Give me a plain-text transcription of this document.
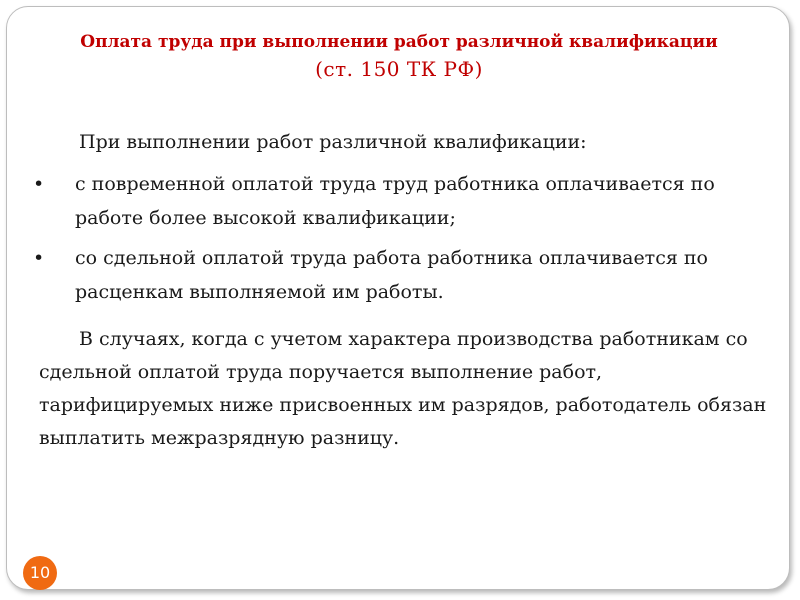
Оплата труда при выполнении работ различной квалификации
(ст. 150 ТК РФ)

При выполнении работ различной квалификации:

• с повременной оплатой труда труд работника оплачивается по работе более высокой квалификации;
• со сдельной оплатой труда работа работника оплачивается по расценкам выполняемой им работы.

В случаях, когда с учетом характера производства работникам со сдельной оплатой труда поручается выполнение работ, тарифицируемых ниже присвоенных им разрядов, работодатель обязан выплатить межразрядную разницу.

10
